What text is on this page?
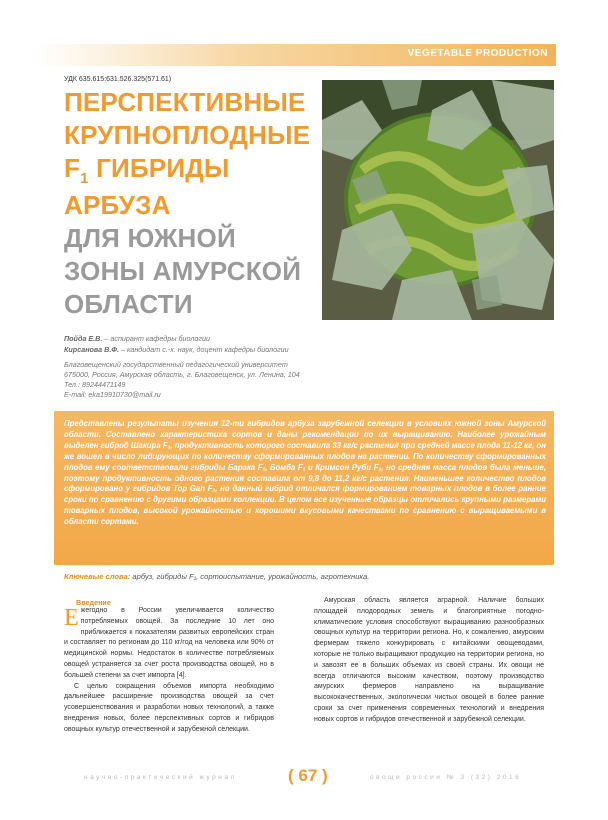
VEGETABLE PRODUCTION
УДК 635.615:631.526.325(571.61)
ПЕРСПЕКТИВНЫЕ
КРУПНОПЛОДНЫЕ
$F_1$ ГИБРИДЫ
АРБУЗА
ДЛЯ ЮЖНОЙ
ЗОНЫ АМУРСКОЙ
ОБЛАСТИ
Пойда Е.В. – аспирант кафедры биологии
Кирсанова В.Ф. – кандидат с.-х. наук, доцент кафедры биологии
Благовещенский государственный педагогический университет
675000, Россия, Амурская область, г. Благовещенск, ул. Ленина, 104
Тел.: 89244471149
E-mail: eka19910730@mail.ru
Представлены результаты изучения 12-ти гибридов арбуза зарубежной селекции в условиях южной зоны Амурской области. Составлено характеристика сортов и даны рекомендации по их выращиванию. Наиболее урожайным выделен гибрид Шакира F₁, продуктивность которого составила 33 кг/с растения при средней массе плода 11-12 кг, он же вошел в число лидирующих по количеству сформированных плодов на растении. По количеству сформированных плодов ему соответствовали гибриды Баракa F₁, Бомба F₁ и Кримсон Руби F₁, но средняя масса плодов была меньше, поэтому продуктивность одного растения составила от 9,8 до 11,2 кг/с растения. Наименьшее количество плодов сформировано у гибридов Top Gan F₁, но данный гибрид отличался формированием товарных плодов в более ранние сроки по сравнению с другими образцами коллекции. В целом все изученные образцы отличались крупными размерами товарных плодов, высокой урожайностью и хорошими вкусовыми качествами по сравнению с выращиваемыми в области сортами.
Ключевые слова: арбуз, гибриды F₁, сортоиспытание, урожайность, агротехника.
Введение

Ежегодно в России увеличивается количество потребляемых овощей. За последние 10 лет оно приближается к показателям развитых европейских стран и составляет по регионам до 110 кг/год на человека или 90% от медицинской нормы. Недостаток в количестве потребляемых овощей устраняется за счет роста производства овощей, но в большей степени за счет импорта [4].

С целью сокращения объемов импорта необходимо дальнейшее расширение производства овощей за счет усовершенствования и разработки новых технологий, а также внедрения новых, более перспективных сортов и гибридов овощных культур отечественной и зарубежной селекции.

Амурская область является аграрной. Наличие больших площадей плодородных земель и благоприятные погодно-климатические условия способствуют выращиванию разнообразных овощных культур на территории региона. Но, к сожалению, амурским фермерам тяжело конкурировать с китайскими овощеводами, которые не только выращивают продукцию на территории региона, но и завозят ее в больших объемах из своей страны. Их овощи не всегда отличаются высоким качеством, поэтому производство амурских фермеров направлено на выращивание высококачественных, экологически чистых овощей в более ранние сроки за счет применения современных технологий и внедрения новых сортов и гибридов отечественной и зарубежной селекции.

научно-практический журнал	( 67 )	овощи россии № 3 (32) 2016
